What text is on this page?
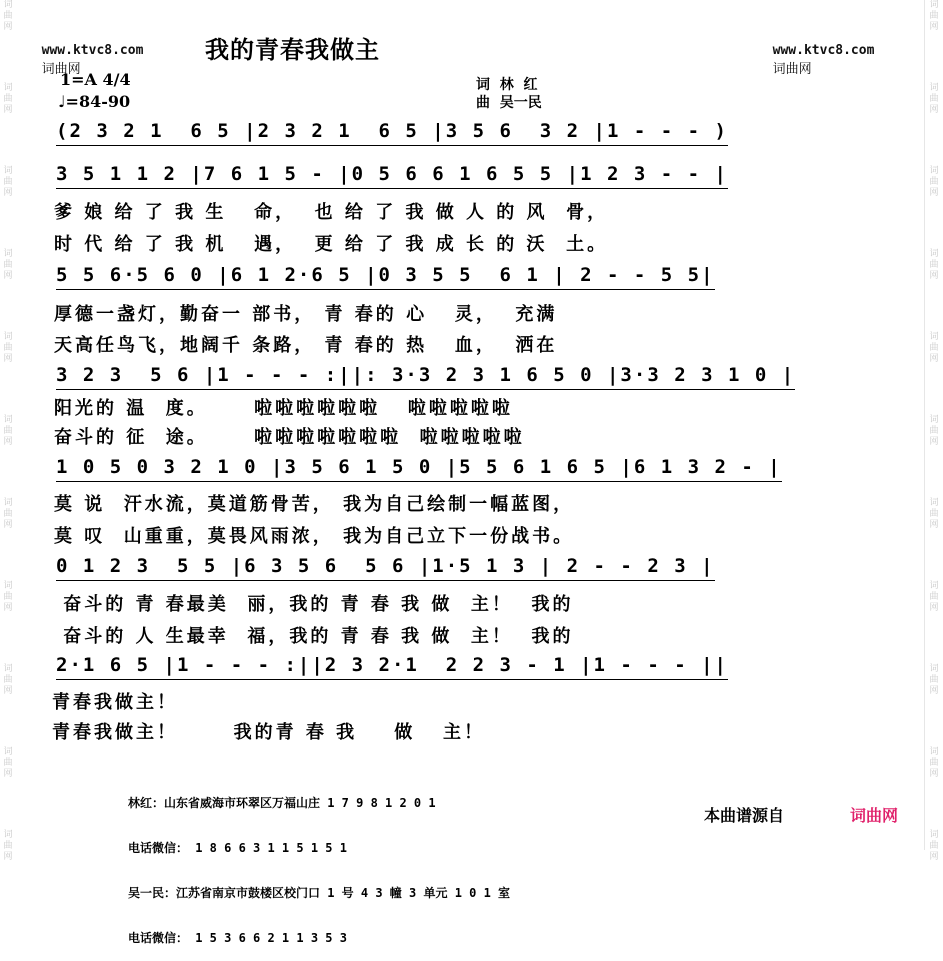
词曲网
词曲网
词曲网
词曲网
词曲网
词曲网
词曲网
词曲网
词曲网
词曲网
词曲网
词曲网
词曲网
词曲网
词曲网
词曲网
词曲网
词曲网
词曲网
词曲网
词曲网
词曲网

www.ktvc8.com
词曲网

我的青春我做主	www.ktvc8.com
词曲网

1=A 4/4
♩=84-90
词  林  红
曲  吴一民
(2 3 2 1  6 5 |2 3 2 1  6 5 |3 5 6  3 2 |1 - - - )
3 5 1 1 2 |7 6 1 5 - |0 5 6 6 1 6 5 5 |1 2 3 - - |
爹 娘 给 了 我 生   命，  也 给 了 我 做 人 的 风  骨，
时 代 给 了 我 机   遇，  更 给 了 我 成 长 的 沃  土。
5 5 6·5 6 0 |6 1 2·6 5 |0 3 5 5  6 1 | 2 - - 5 5|
厚德一盏灯，勤奋一 部书， 青 春的 心   灵，  充满
天高任鸟飞，地阔千 条路， 青 春的 热   血，  洒在
3 2 3  5 6 |1 - - - :||: 3·3 2 3 1 6 5 0 |3·3 2 3 1 0 |
阳光的 温  度。     啦啦啦啦啦啦   啦啦啦啦啦
奋斗的 征  途。     啦啦啦啦啦啦啦  啦啦啦啦啦
1 0 5 0 3 2 1 0 |3 5 6 1 5 0 |5 5 6 1 6 5 |6 1 3 2 - |
莫 说  汗水流，莫道筋骨苦， 我为自己绘制一幅蓝图，
莫 叹  山重重，莫畏风雨浓， 我为自己立下一份战书。
0 1 2 3  5 5 |6 3 5 6  5 6 |1·5 1 3 | 2 - - 2 3 |
奋斗的 青 春最美  丽，我的 青 春 我 做  主！  我的
奋斗的 人 生最幸  福，我的 青 春 我 做  主！  我的
2·1 6 5 |1 - - - :||2 3 2·1  2 2 3 - 1 |1 - - - ||
青春我做主！
青春我做主！      我的青 春 我    做   主！

林红：山东省威海市环翠区万福山庄 1 7 9 8 1 2 0 1

电话微信： 1 8 6 6 3 1 1 5 1 5 1

吴一民：江苏省南京市鼓楼区校门口 1 号 4 3 幢 3 单元 1 0 1 室

电话微信： 1 5 3 6 6 2 1 1 3 5 3

本曲谱源自	词曲网
